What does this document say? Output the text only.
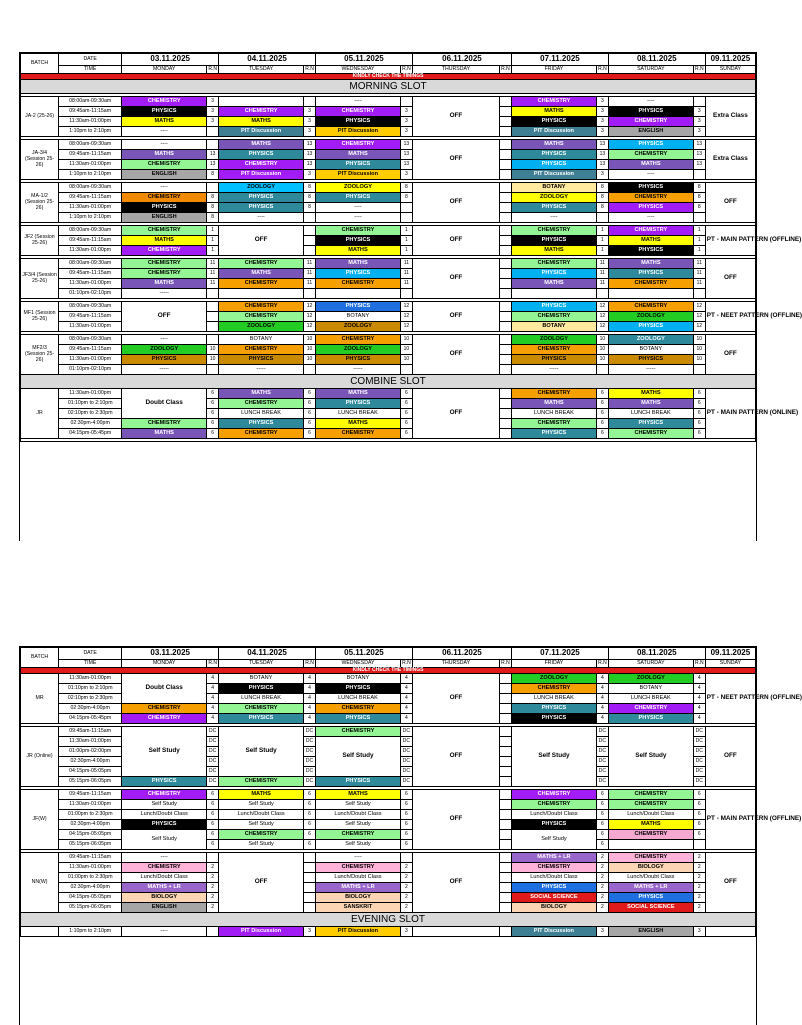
BATCH	DATE	03.11.2025		04.11.2025		05.11.2025		06.11.2025		07.11.2025		08.11.2025		09.11.2025
	TIME	MONDAY	R.N	TUESDAY	R.N	WEDNESDAY	R.N	THURSDAY	R.N	FRIDAY	R.N	SATURDAY	R.N	SUNDAY
KINDLY CHECK THE TIMINGS														
MORNING SLOT														

JA-2 (25-26)	08:00am-09:30am	CHEMISTRY	3			----		OFF		CHEMISTRY	3	----		Extra Class
	09:45am-11:15am	PHYSICS	3	CHEMISTRY	3	CHEMISTRY	3			MATHS	3	PHYSICS	3	
	11:30am-01:00pm	MATHS	3	MATHS	3	PHYSICS	3			PHYSICS	3	CHEMISTRY	3	
	1:10pm to 2:10pm	----		PIT Discussion	3	PIT Discussion	3			PIT Discussion	3	ENGLISH	3	

JA-3/4 (Session 25-26)	08:00am-09:30am	----		MATHS	13	CHEMISTRY	13	OFF		MATHS	13	PHYSICS	13	Extra Class
	09:45am-11:15am	MATHS	13	PHYSICS	13	MATHS	13			PHYSICS	13	CHEMISTRY	13	
	11:30am-01:00pm	CHEMISTRY	13	CHEMISTRY	13	PHYSICS	13			PHYSICS	13	MATHS	13	
	1:10pm to 2:10pm	ENGLISH	8	PIT Discussion	3	PIT Discussion	3			PIT Discussion	3	----		

MA-1/2 (Session 25-26)	08:00am-09:30am	----		ZOOLOGY	8	ZOOLOGY	8	OFF		BOTANY	8	PHYSICS	8	OFF
	09:45am-11:15am	CHEMISTRY	8	PHYSICS	8	PHYSICS	8			ZOOLOGY	8	CHEMISTRY	8	
	11:30am-01:00pm	PHYSICS	8	PHYSICS	8	----				PHYSICS	8	PHYSICS	8	
	1:10pm to 2:10pm	ENGLISH	8	----		----				----		----		

JF2 (Session 25-26)	08:00am-09:30am	CHEMISTRY	1	OFF		CHEMISTRY	1	OFF		CHEMISTRY	1	CHEMISTRY	1	PT - MAIN PATTERN (OFFLINE)
	09:45am-11:15am	MATHS	1			PHYSICS	1			PHYSICS	1	MATHS	1	
	11:30am-01:00pm	CHEMISTRY	1			MATHS	1			MATHS	1	PHYSICS	1	

JF3/4 (Session 25-26)	08:00am-09:30am	CHEMISTRY	11	CHEMISTRY	11	MATHS	11	OFF		CHEMISTRY	11	MATHS	11	OFF
	09:45am-11:15am	CHEMISTRY	11	MATHS	11	PHYSICS	11			PHYSICS	11	PHYSICS	11	
	11:30am-01:00pm	MATHS	11	CHEMISTRY	11	CHEMISTRY	11			MATHS	11	CHEMISTRY	11	
	01:10pm-02:10pm	-----												

MF1 (Session 25-26)	08:00am-09:30am	OFF		CHEMISTRY	12	PHYSICS	12	OFF		PHYSICS	12	CHEMISTRY	12	PT - NEET PATTERN (OFFLINE)
	09:45am-11:15am			CHEMISTRY	12	BOTANY	12			CHEMISTRY	12	ZOOLOGY	12	
	11:30am-01:00pm			ZOOLOGY	12	ZOOLOGY	12			BOTANY	12	PHYSICS	12	

MF2/3 (Session 25-26)	08:00am-09:30am	----		BOTANY	10	CHEMISTRY	10	OFF		ZOOLOGY	10	ZOOLOGY	10	OFF
	09:45am-11:15am	ZOOLOGY	10	CHEMISTRY	10	ZOOLOGY	10			CHEMISTRY	10	BOTANY	10	
	11:30am-01:00pm	PHYSICS	10	PHYSICS	10	PHYSICS	10			PHYSICS	10	PHYSICS	10	
	01:10pm-02:10pm	-----		-----		-----				-----		-----		
COMBINE SLOT														
JR	11:30am-01:00pm	Doubt Class	6	MATHS	6	MATHS	6	OFF		CHEMISTRY	6	MATHS	6	PT - MAIN PATTERN (ONLINE)
	01:10pm to 2:10pm		6	CHEMISTRY	6	PHYSICS	6			MATHS	6	MATHS	6	
	02:10pm to 2:30pm		6	LUNCH BREAK	6	LUNCH BREAK	6			LUNCH BREAK	6	LUNCH BREAK	6	
	02:30pm-4:00pm	CHEMISTRY	6	PHYSICS	6	MATHS	6			CHEMISTRY	6	PHYSICS	6	
	04:15pm-05:45pm	MATHS	6	CHEMISTRY	6	CHEMISTRY	6			PHYSICS	6	CHEMISTRY	6	

BATCH	DATE	03.11.2025		04.11.2025		05.11.2025		06.11.2025		07.11.2025		08.11.2025		09.11.2025
	TIME	MONDAY	R.N	TUESDAY	R.N	WEDNESDAY	R.N	THURSDAY	R.N	FRIDAY	R.N	SATURDAY	R.N	SUNDAY
KINDLY CHECK THE TIMINGS														
MR	11:30am-01:00pm	Doubt Class	4	BOTANY	4	BOTANY	4	OFF		ZOOLOGY	4	ZOOLOGY	4	PT - NEET PATTERN (OFFLINE)
	01:10pm to 2:10pm		4	PHYSICS	4	PHYSICS	4			CHEMISTRY	4	BOTANY	4	
	02:10pm to 2:30pm		4	LUNCH BREAK	4	LUNCH BREAK	4			LUNCH BREAK	4	LUNCH BREAK	4	
	02:30pm-4:00pm	CHEMISTRY	4	CHEMISTRY	4	CHEMISTRY	4			PHYSICS	4	CHEMISTRY	4	
	04:15pm-05:45pm	CHEMISTRY	4	PHYSICS	4	PHYSICS	4			PHYSICS	4	PHYSICS	4	

JR (Online)	09:45am-11:15am	Self Study	DC	Self Study	DC	CHEMISTRY	DC	OFF		Self Study	DC	Self Study	DC	OFF
	11:30am-01:00pm		DC		DC	Self Study	DC				DC		DC	
	01:00pm-02:00pm		DC		DC		DC				DC		DC	
	02:30pm-4:00pm		DC		DC		DC				DC		DC	
	04:15pm-05:05pm		DC		DC		DC				DC		DC	
	05:15pm-06:05pm	PHYSICS	DC	CHEMISTRY	DC	PHYSICS	DC				DC		DC	

JF(W)	09:45am-11:15am	CHEMISTRY	6	MATHS	6	MATHS	6	OFF		CHEMISTRY	6	CHEMISTRY	6	PT - MAIN PATTERN (OFFLINE)
	11:30am-01:00pm	Self Study	6	Self Study	6	Self Study	6			CHEMISTRY	6	CHEMISTRY	6	
	01:00pm to 2:30pm	Lunch/Doubt Class	6	Lunch/Doubt Class	6	Lunch/Doubt Class	6			Lunch/Doubt Class	6	Lunch/Doubt Class	6	
	02:30pm-4:00pm	PHYSICS	6	Self Study	6	Self Study	6			PHYSICS	6	MATHS	6	
	04:15pm-05:05pm	Self Study	6	CHEMISTRY	6	CHEMISTRY	6			Self Study	6	CHEMISTRY	6	
	05:15pm-06:05pm		6	Self Study	6	Self Study	6				6			

NN(W)	09:45am-11:15am	----		OFF		----		OFF		MATHS + LR	2	CHEMISTRY	2	OFF
	11:30am-01:00pm	CHEMISTRY	2			CHEMISTRY	2			CHEMISTRY	2	BIOLOGY	2	
	01:00pm to 2:30pm	Lunch/Doubt Class	2			Lunch/Doubt Class	2			Lunch/Doubt Class	2	Lunch/Doubt Class	2	
	02:30pm-4:00pm	MATHS + LR	2			MATHS + LR	2			PHYSICS	2	MATHS + LR	2	
	04:15pm-05:05pm	BIOLOGY	2			BIOLOGY	2			SOCIAL SCIENCE	2	PHYSICS	2	
	05:15pm-06:05pm	ENGLISH	2			SANSKRIT	2			BIOLOGY	2	SOCIAL SCIENCE	2	
EVENING SLOT														
	1:10pm to 2:10pm	----		PIT Discussion	3	PIT Discussion	3			PIT Discussion	3	ENGLISH	3	
